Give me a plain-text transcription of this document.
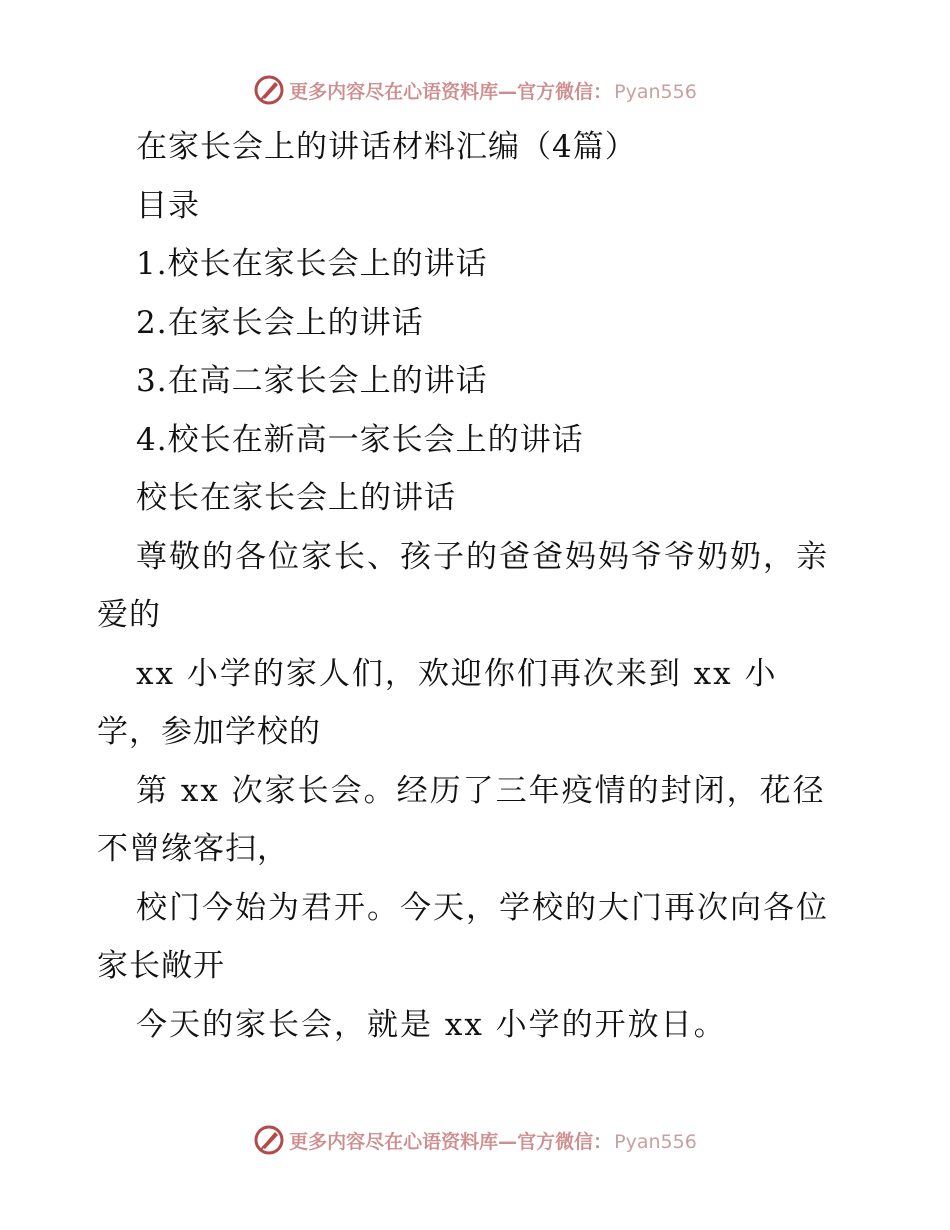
更多内容尽在心语资料库—官方微信： Pyan556
在家长会上的讲话材料汇编（4篇）
目录
1.校长在家长会上的讲话
2.在家长会上的讲话
3.在高二家长会上的讲话
4.校长在新高一家长会上的讲话
校长在家长会上的讲话
尊敬的各位家长、孩子的爸爸妈妈爷爷奶奶，亲
爱的
xx 小学的家人们，欢迎你们再次来到 xx 小
学，参加学校的
第 xx 次家长会。经历了三年疫情的封闭，花径
不曾缘客扫，
校门今始为君开。今天，学校的大门再次向各位
家长敞开
今天的家长会，就是 xx 小学的开放日。
更多内容尽在心语资料库—官方微信： Pyan556
